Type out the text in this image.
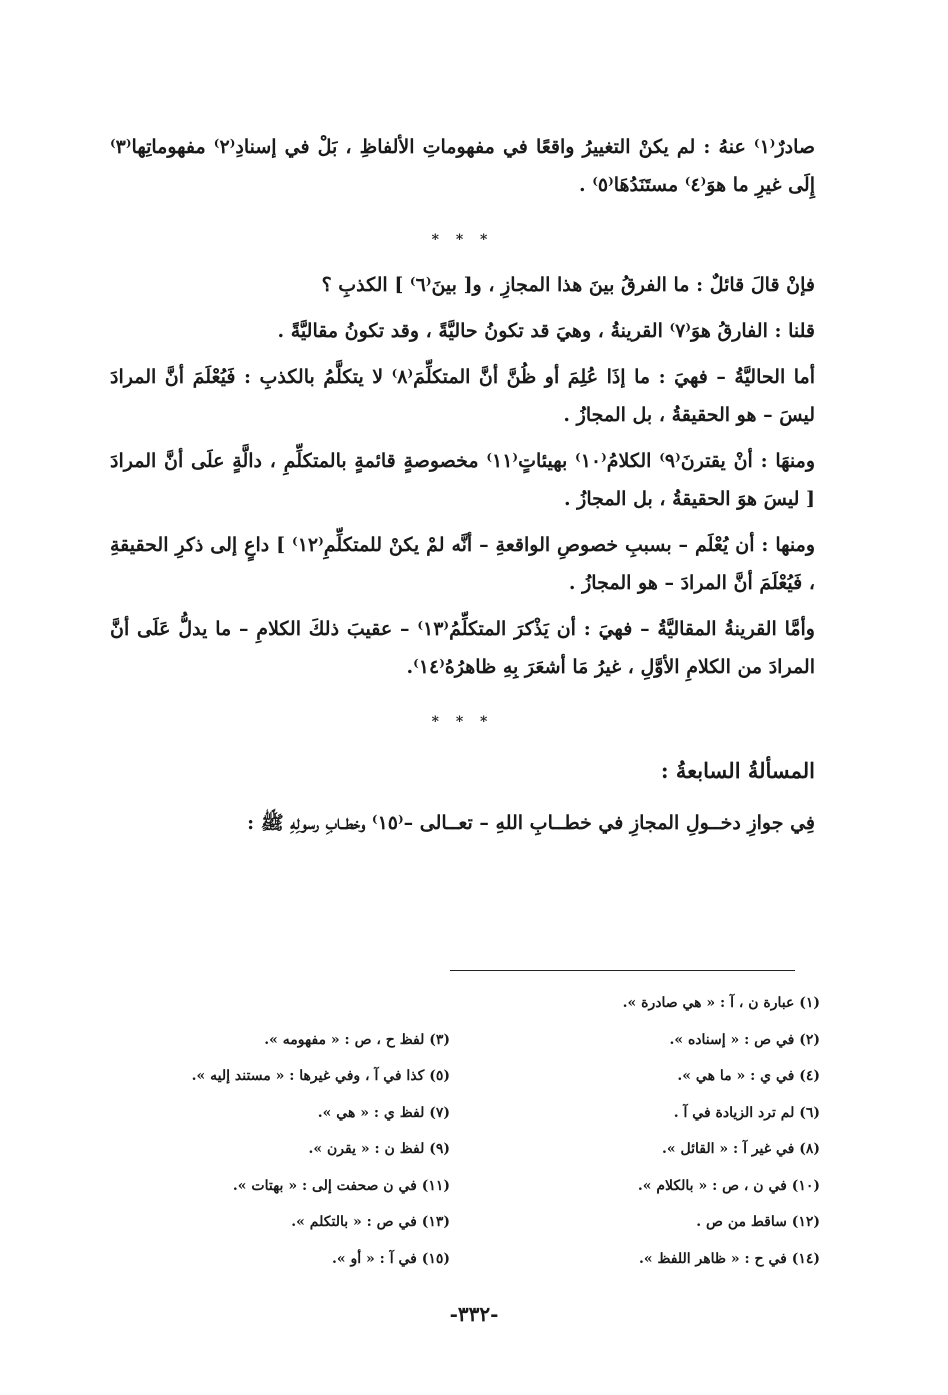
صادرٌ⁽١⁾ عنهُ : لم يكنْ التغييرُ واقعًا في مفهوماتِ الألفاظِ ، بَلْ في إسنادِ⁽٢⁾ مفهوماتِها⁽٣⁾ إِلَى غيرِ ما هوَ⁽٤⁾ مستَنَدُهَا⁽٥⁾ .

* * *

فإنْ قالَ قائلٌ : ما الفرقُ بينَ هذا المجازِ ، و[ بينَ⁽٦⁾ ] الكذبِ ؟

قلنا : الفارقُ هوَ⁽٧⁾ القرينةُ ، وهيَ قد تكونُ حاليَّةً ، وقد تكونُ مقاليَّةً .

أما الحاليَّةُ – فهيَ : ما إذَا عُلِمَ أو ظُنَّ أنَّ المتكلِّمَ⁽٨⁾ لا يتكلَّمُ بالكذبِ : فَيُعْلَمَ أنَّ المرادَ ليسَ – هو الحقيقةُ ، بل المجازُ .

ومنهَا : أنْ يقترنَ⁽٩⁾ الكلامُ⁽١٠⁾ بهيئاتٍ⁽١١⁾ مخصوصةٍ قائمةٍ بالمتكلِّمِ ، دالَّةٍ علَى أنَّ المرادَ [ ليسَ هوَ الحقيقةُ ، بل المجازُ .

ومنها : أن يُعْلَم – بسببِ خصوصِ الواقعةِ – أنَّه لمْ يكنْ للمتكلِّمِ⁽١٢⁾ ] داعٍ إلى ذكرِ الحقيقةِ ، فَيُعْلَمَ أنَّ المرادَ – هو المجازُ .

وأمَّا القرينةُ المقاليَّةُ – فهيَ : أن يَذْكرَ المتكلِّمُ⁽١٣⁾ – عقيبَ ذلكَ الكلامِ – ما يدلُّ عَلَى أنَّ المرادَ من الكلامِ الأوَّلِ ، غيرُ مَا أشعَرَ بِهِ ظاهرُهُ⁽١٤⁾.

* * *
المسألةُ السابعةُ :

فِي جوازِ دخــولِ المجازِ في خطــابِ اللهِ – تعــالى –⁽١٥⁾ وخطــابِ رسولِهِ ﷺ :

(١) عبارة ن ، آ : « هي صادرة ».
(٢) في ص : « إسناده ».
(٣) لفظ ح ، ص : « مفهومه ».
(٤) في ي : « ما هي ».
(٥) كذا في آ ، وفي غيرها : « مستند إليه ».
(٦) لم ترد الزيادة في آ .
(٧) لفظ ي : « هي ».
(٨) في غير آ : « القائل ».
(٩) لفظ ن : « يقرن ».
(١٠) في ن ، ص : « بالكلام ».
(١١) في ن صحفت إلى : « بهتات ».
(١٢) ساقط من ص .
(١٣) في ص : « بالتكلم ».
(١٤) في ح : « ظاهر اللفظ ».
(١٥) في آ : « أو ».
-٣٣٢-
